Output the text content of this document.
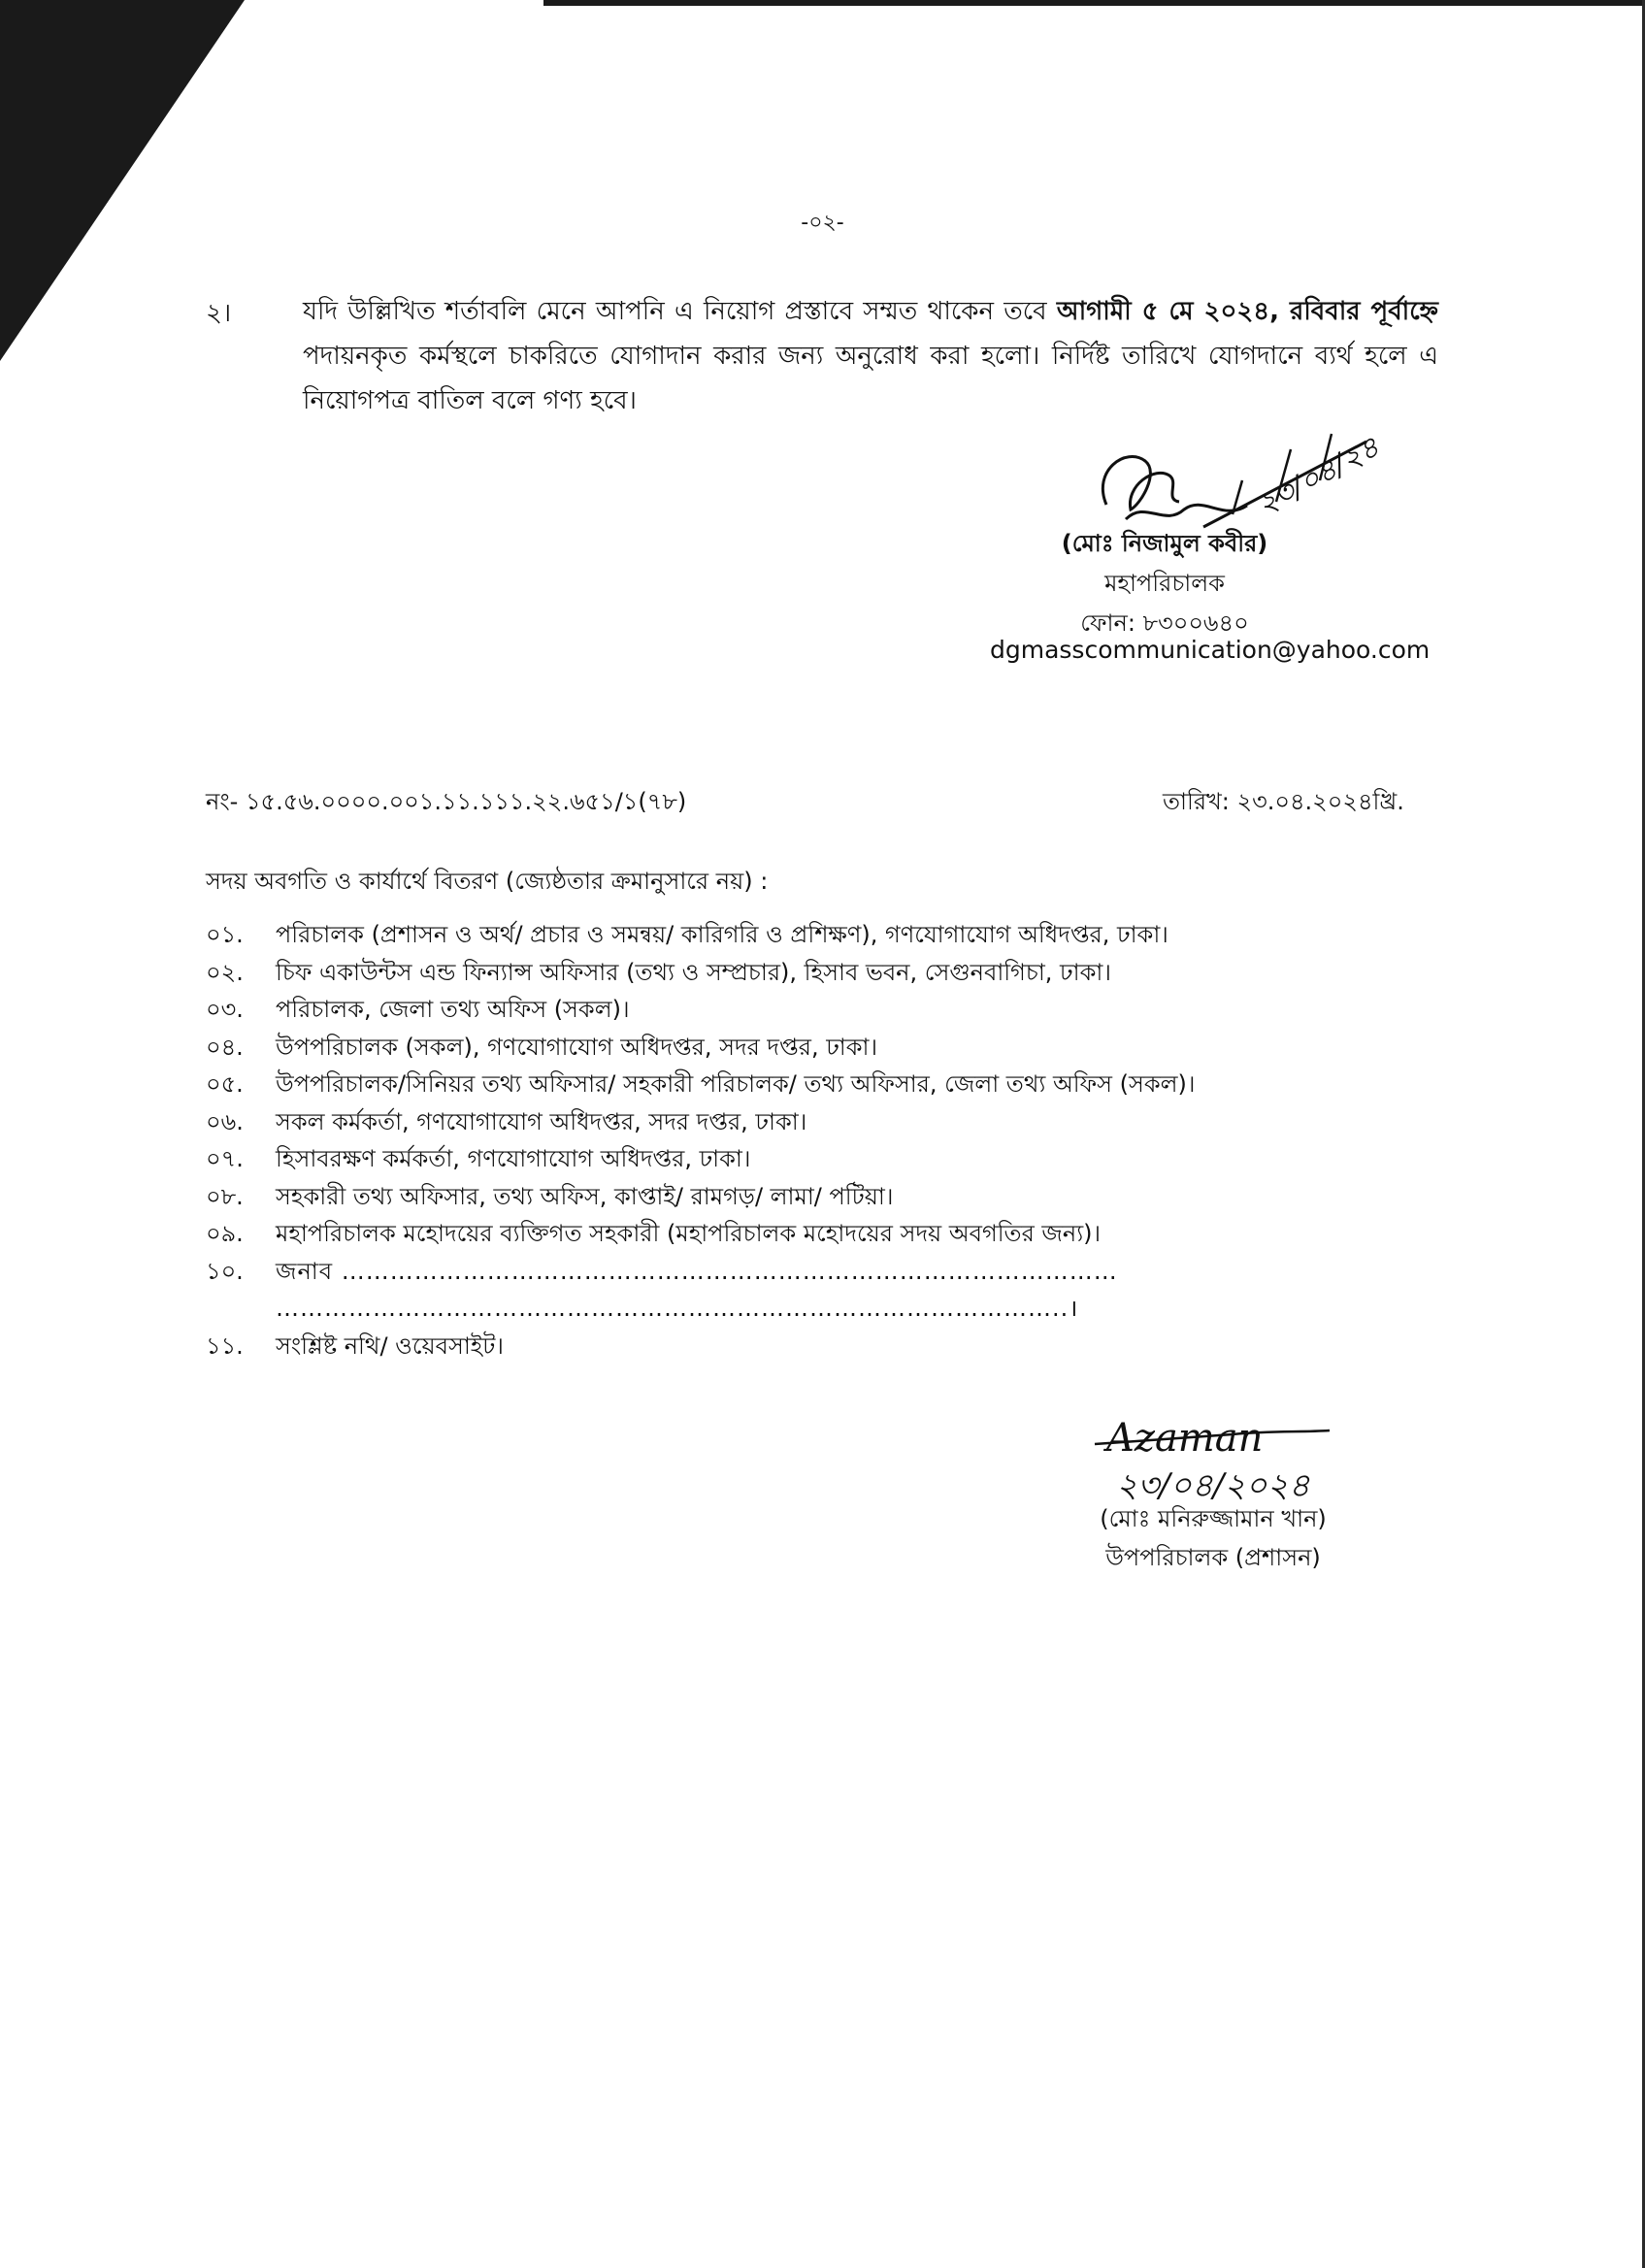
-০২-
২।	যদি উল্লিখিত শর্তাবলি মেনে আপনি এ নিয়োগ প্রস্তাবে সম্মত থাকেন তবে আগামী ৫ মে ২০২৪, রবিবার পূর্বাহ্নে পদায়নকৃত কর্মস্থলে চাকরিতে যোগাদান করার জন্য অনুরোধ করা হলো। নির্দিষ্ট তারিখে যোগদানে ব্যর্থ হলে এ নিয়োগপত্র বাতিল বলে গণ্য হবে।
২৩/০৪/২৪
(মোঃ নিজামুল কবীর)
মহাপরিচালক
ফোন: ৮৩০০৬৪০
dgmasscommunication@yahoo.com
নং- ১৫.৫৬.০০০০.০০১.১১.১১১.২২.৬৫১/১(৭৮)	তারিখ: ২৩.০৪.২০২৪খ্রি.
সদয় অবগতি ও কার্যার্থে বিতরণ (জ্যেষ্ঠতার ক্রমানুসারে নয়) :
০১. পরিচালক (প্রশাসন ও অর্থ/ প্রচার ও সমন্বয়/ কারিগরি ও প্রশিক্ষণ), গণযোগাযোগ অধিদপ্তর, ঢাকা।
০২. চিফ একাউন্টস এন্ড ফিন্যান্স অফিসার (তথ্য ও সম্প্রচার), হিসাব ভবন, সেগুনবাগিচা, ঢাকা।
০৩. পরিচালক, জেলা তথ্য অফিস (সকল)।
০৪. উপপরিচালক (সকল), গণযোগাযোগ অধিদপ্তর, সদর দপ্তর, ঢাকা।
০৫. উপপরিচালক/সিনিয়র তথ্য অফিসার/ সহকারী পরিচালক/ তথ্য অফিসার, জেলা তথ্য অফিস (সকল)।
০৬. সকল কর্মকর্তা, গণযোগাযোগ অধিদপ্তর, সদর দপ্তর, ঢাকা।
০৭. হিসাবরক্ষণ কর্মকর্তা, গণযোগাযোগ অধিদপ্তর, ঢাকা।
০৮. সহকারী তথ্য অফিসার, তথ্য অফিস, কাপ্তাই/ রামগড়/ লামা/ পটিয়া।
০৯. মহাপরিচালক মহোদয়ের ব্যক্তিগত সহকারী (মহাপরিচালক মহোদয়ের সদয় অবগতির জন্য)।
১০. জনাব ……………………………………………………………………………………
……………………………………………………………………………………..।
১১. সংশ্লিষ্ট নথি/ ওয়েবসাইট।
Azaman
২৩/০৪/২০২৪
(মোঃ মনিরুজ্জামান খান)
উপপরিচালক (প্রশাসন)
